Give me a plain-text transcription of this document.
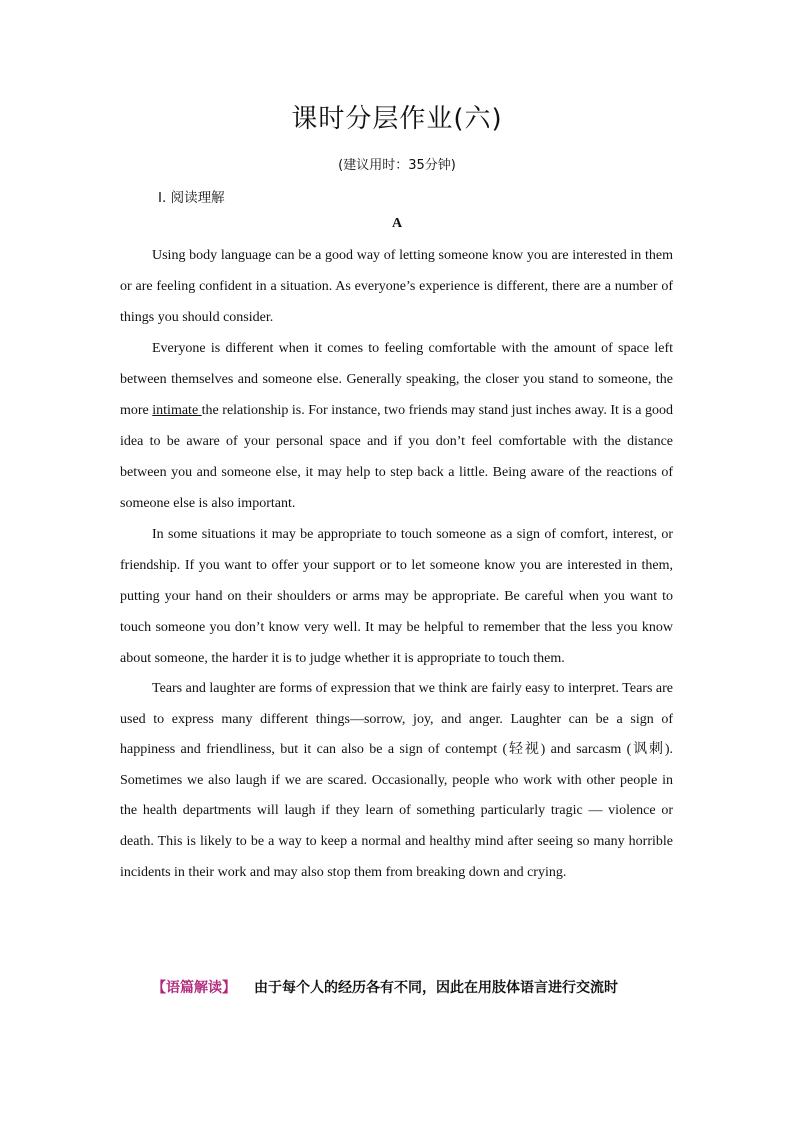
课时分层作业(六)
(建议用时：35分钟)
Ⅰ. 阅读理解
A

Using body language can be a good way of letting someone know you are interested in them or are feeling confident in a situation. As everyone’s experience is different, there are a number of things you should consider.

Everyone is different when it comes to feeling comfortable with the amount of space left between themselves and someone else. Generally speaking, the closer you stand to someone, the more intimate the relationship is. For instance, two friends may stand just inches away. It is a good idea to be aware of your personal space and if you don’t feel comfortable with the distance between you and someone else, it may help to step back a little. Being aware of the reactions of someone else is also important.

In some situations it may be appropriate to touch someone as a sign of comfort, interest, or friendship. If you want to offer your support or to let someone know you are interested in them, putting your hand on their shoulders or arms may be appropriate. Be careful when you want to touch someone you don’t know very well. It may be helpful to remember that the less you know about someone, the harder it is to judge whether it is appropriate to touch them.

Tears and laughter are forms of expression that we think are fairly easy to interpret. Tears are used to express many different things—sorrow, joy, and anger. Laughter can be a sign of happiness and friendliness, but it can also be a sign of contempt (轻视) and sarcasm (讽刺). Sometimes we also laugh if we are scared. Occasionally, people who work with other people in the health departments will laugh if they learn of something particularly tragic — violence or death. This is likely to be a way to keep a normal and healthy mind after seeing so many horrible incidents in their work and may also stop them from breaking down and crying.

【语篇解读】 由于每个人的经历各有不同，因此在用肢体语言进行交流时
